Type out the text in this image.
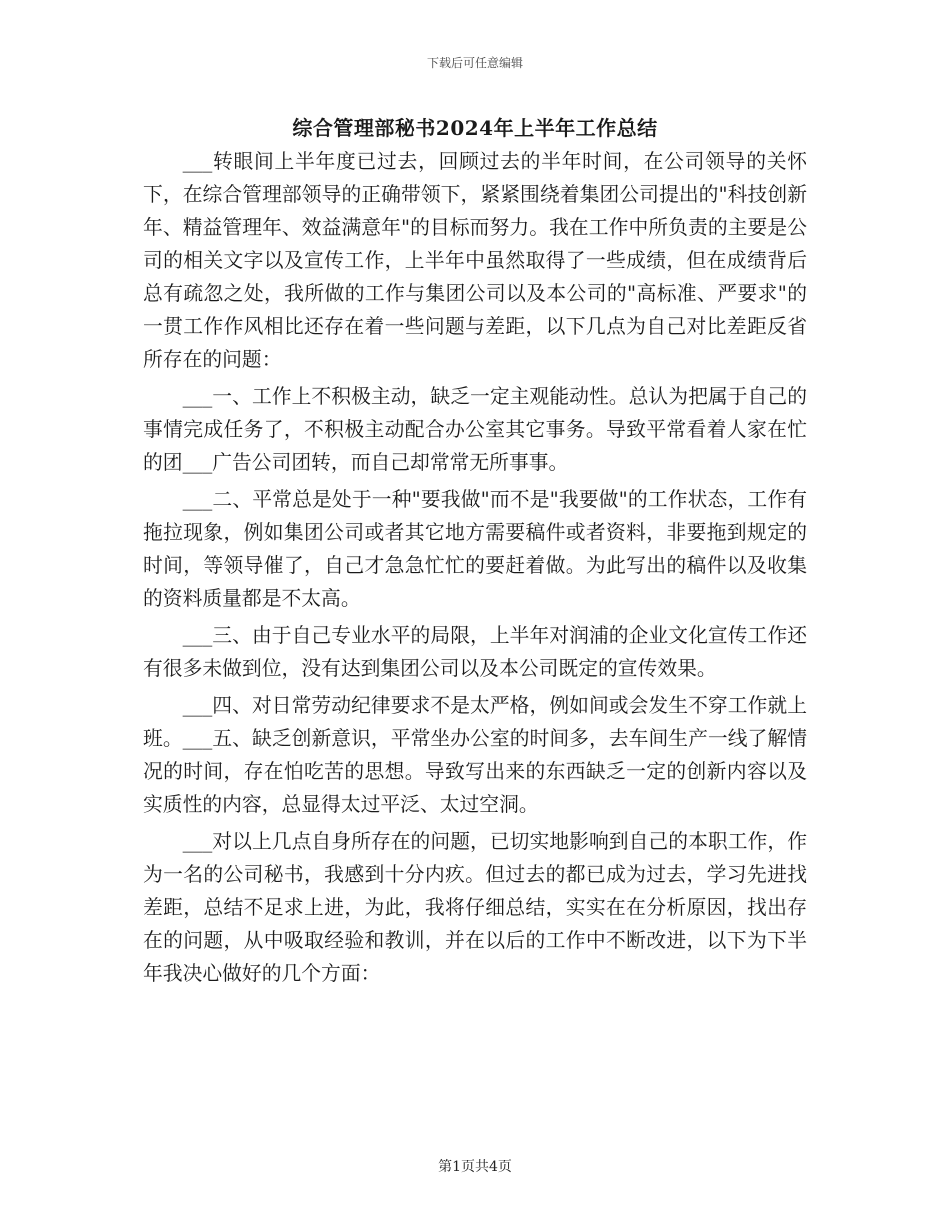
下载后可任意编辑
综合管理部秘书2024年上半年工作总结

___转眼间上半年度已过去，回顾过去的半年时间，在公司领导的关怀下，在综合管理部领导的正确带领下，紧紧围绕着集团公司提出的"科技创新年、精益管理年、效益满意年"的目标而努力。我在工作中所负责的主要是公司的相关文字以及宣传工作，上半年中虽然取得了一些成绩，但在成绩背后总有疏忽之处，我所做的工作与集团公司以及本公司的"高标准、严要求"的一贯工作作风相比还存在着一些问题与差距，以下几点为自己对比差距反省所存在的问题：

___一、工作上不积极主动，缺乏一定主观能动性。总认为把属于自己的事情完成任务了，不积极主动配合办公室其它事务。导致平常看着人家在忙的团___广告公司团转，而自己却常常无所事事。

___二、平常总是处于一种"要我做"而不是"我要做"的工作状态，工作有拖拉现象，例如集团公司或者其它地方需要稿件或者资料，非要拖到规定的时间，等领导催了，自己才急急忙忙的要赶着做。为此写出的稿件以及收集的资料质量都是不太高。

___三、由于自己专业水平的局限，上半年对润浦的企业文化宣传工作还有很多未做到位，没有达到集团公司以及本公司既定的宣传效果。

___四、对日常劳动纪律要求不是太严格，例如间或会发生不穿工作就上班。___五、缺乏创新意识，平常坐办公室的时间多，去车间生产一线了解情况的时间，存在怕吃苦的思想。导致写出来的东西缺乏一定的创新内容以及实质性的内容，总显得太过平泛、太过空洞。

___对以上几点自身所存在的问题，已切实地影响到自己的本职工作，作为一名的公司秘书，我感到十分内疚。但过去的都已成为过去，学习先进找差距，总结不足求上进，为此，我将仔细总结，实实在在分析原因，找出存在的问题，从中吸取经验和教训，并在以后的工作中不断改进，以下为下半年我决心做好的几个方面：

第1页共4页
